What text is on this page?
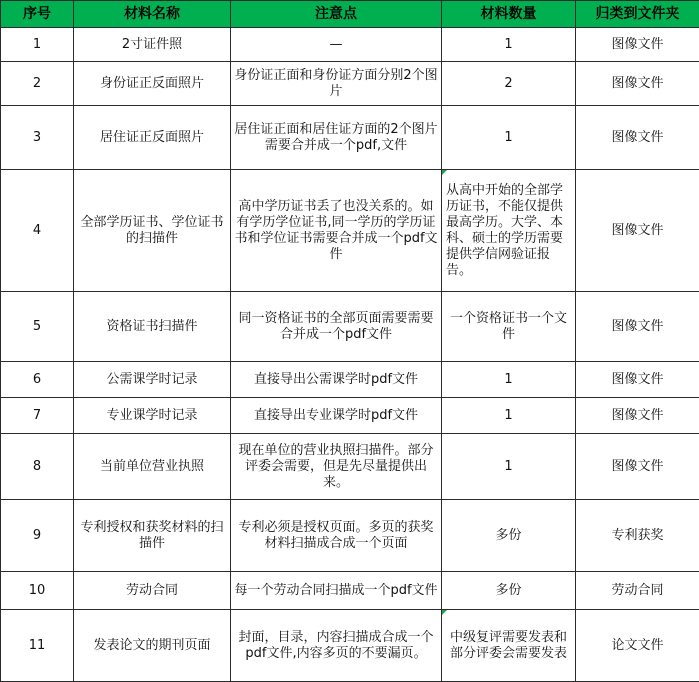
序号	材料名称	注意点	材料数量	归类到文件夹
1	2寸证件照	—	1	图像文件
2	身份证正反面照片	身份证正面和身份证方面分别2个图片	2	图像文件
3	居住证正反面照片	居住证正面和居住证方面的2个图片需要合并成一个pdf,文件	1	图像文件
4	全部学历证书、学位证书的扫描件	高中学历证书丢了也没关系的。如有学历学位证书,同一学历的学历证书和学位证书需要合并成一个pdf文件	从高中开始的全部学历证书，不能仅提供最高学历。大学、本科、硕士的学历需要提供学信网验证报告。	图像文件
5	资格证书扫描件	同一资格证书的全部页面需要需要合并成一个pdf文件	一个资格证书一个文件	图像文件
6	公需课学时记录	直接导出公需课学时pdf文件	1	图像文件
7	专业课学时记录	直接导出专业课学时pdf文件	1	图像文件
8	当前单位营业执照	现在单位的营业执照扫描件。部分评委会需要，但是先尽量提供出来。	1	图像文件
9	专利授权和获奖材料的扫描件	专利必须是授权页面。多页的获奖材料扫描成合成一个页面	多份	专利获奖
10	劳动合同	每一个劳动合同扫描成一个pdf文件	多份	劳动合同
11	发表论文的期刊页面	封面，目录，内容扫描成合成一个pdf文件,内容多页的不要漏页。	中级复评需要发表和部分评委会需要发表	论文文件
